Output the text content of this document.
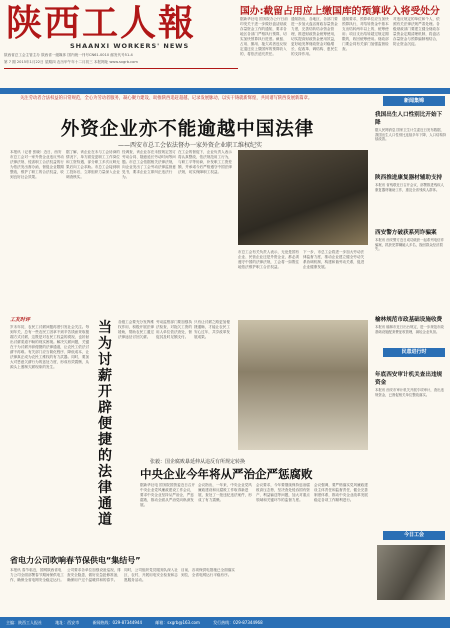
陕西工人報
SHAANXI WORKERS' NEWS
陕西省总工会主管主办 陕西省一级媒体 国内统一刊号CN61-0010 邮发代号51-4
第 7 期 2015年1月22日 星期四 农历甲午年十二月初三 本报网址 www.sxgrb.com
国办:截留占用应上缴国库的预算收入将受处分
据新华社电 国务院办公厅日前印发关于进一步做好盘活财政存量资金工作的通知，要求各地区各部门严格执行预算，切实加快预算执行进度。截留、占用、挪用、拖欠或者违反规定退还应上缴国库的预算收入的，将依法追究责任。
通知指出，各地区、各部门要进一步加大盘活财政存量资金力度，完善结转结余资金管理，推进财政资金统筹使用，切实提高财政资金使用效益，更好地发挥财政资金对稳增长、促改革、调结构、惠民生的支持作用。
通知要求，预算单位应当加快预算执行，对结转资金中基本支出结转两年以上的，统筹使用；项目支出结转超过规定期限的，收回统筹使用。财政部门要会同有关部门加强监督检查。
对违反规定的单位和个人，依照有关法律法规严肃处理。各级财政部门要建立健全财政存量资金定期清理机制，将盘活存量资金与预算编制相结合，防止资金沉淀。
关注劳动者合法权益的日常规范，全心为劳动者服务，凝心聚力建设、助推陕西追赶超越，记录发展脉动，以实干铸就新辉煌，共同谱写陕西发展新篇章。
外资企业亦不能逾越中国法律
——西安市总工会依法督办一家外资企业职工维权纪实
本报讯（记者 张晓）近日，西安市总工会对一家外资企业违反劳动法律法规、侵害职工合法权益的行为依法发出督办函，督促企业限期整改，维护了职工的合法权益，收到良好社会效果。
据了解，该企业在未与工会协商的情况下，单方面变更职工工作岗位和工资待遇，部分职工多次反映无果后向工会求助。市总工会接到职工投诉后，立即组织力量深入企业调查核实。
经调查，该企业存在未按规定签订劳动合同、随意延长劳动时间等问题。市总工会依据相关法律法规，向企业发出了工会劳动法律监督意见书，要求企业立即纠正违法行为。
在工会的督促下，企业负责人表示将认真整改，依法规范用工行为，与职工平等协商，补发职工工资差额，并承诺今后严格遵守中国法律法规，切实保障职工权益。
市总工会有关负责人表示，无论是国有企业、民营企业还是外资企业，都必须遵守中国的法律法规，工会将一如既往地依法维护职工合法权益。
下一步，市总工会将进一步加大劳动法律监督力度，推动企业建立健全劳动关系协调机制，构建和谐劳动关系，促进企业健康发展。
工友时评
岁末年初，农民工讨薪问题再度引发社会关注。每到年关，总有一些农民工因拿不到辛苦钱而采取极端方式讨薪，这既是对农民工权益的漠视，也折射出讨薪渠道不畅的现实困境。解决欠薪问题，关键在于为讨薪开辟便捷的法律通道，让农民工依法讨薪不再难。有关部门应当简化程序、降低成本，让法律真正成为农民工维权的有力武器。同时，要加大对恶意欠薪行为的惩处力度，形成有效震慑，从源头上遏制欠薪现象的发生。
当为讨薪开辟便捷的法律通道
各级工会要充分发挥维权作用，积极开展法律援助，帮助农民工通过法律途径讨回欠薪。
劳动监察部门要加强执法检查，对拖欠工资的用人单位依法查处，督促其及时足额支付。
只有让讨薪之路更加便捷通畅，才能让农民工安心过年，共享改革发展成果。
张毅：国企腐败暴延伸从违反有所规定转换
中央企业今年将从严治企严惩腐败
据新华社电 国务院国资委近日召开中央企业党风廉政建设工作会议，要求中央企业坚持从严治企，严惩腐败，推动全面从严治党向纵深发展。
会议指出，一年来，中央企业党风廉政建设和反腐败工作取得新进展，查处了一批违纪违法案件，形成了有力震慑。
会议要求，今年要继续保持惩治腐败高压态势，坚决查处侵吞国有资产、利益输送等问题，加大对重点领域和关键环节的监督力度。
会议强调，要严格落实党风廉政建设主体责任和监督责任，健全完善制度体系，推动中央企业改革发展稳定各项工作顺利进行。
省电力公司吹响春节保供电“集结号”
本报讯 春节临近，国网陕西省电力公司全面部署春节期间保供电工作，确保全省电网安全稳定运行。
公司要求各单位加强设备巡视，排查安全隐患，做好应急抢修准备，确保用户过个温暖祥和的春节。
同时，公司组织党员服务队深入社区、农村，开展用电安全检查和志愿服务活动。
目前，各项保供电措施已全面落实到位，全省电网运行平稳有序。
新闻集锦
我国出生人口性别比开始下降
据人民网消息 国家卫生计生委近日发布数据，我国出生人口性别比连续多年下降，人口结构持续改善。
陕西推进康复器材辅助支持
本报讯 省残联近日召开会议，部署推进残疾人康复器材辅助工作，惠及全省残疾人群体。
西安警方破获系列诈骗案
本报讯 西安警方近日成功破获一起系列电信诈骗案，抓获犯罪嫌疑人多名，挽回群众经济损失。
榆林规范市政基础设施收费
本报讯 榆林市近日出台规定，进一步规范市政基础设施配套费征收管理，减轻企业负担。
年底西安审计机关查出违规资金
本报讯 西安市审计机关开展专项审计，查出违规资金，已督促相关单位整改落实。
民意进行时
今日工会
主编：陕西工人报社	地址：西安市	新闻热线：029-87344944	邮箱：sxgrb@163.com	发行热线：029-87344968
